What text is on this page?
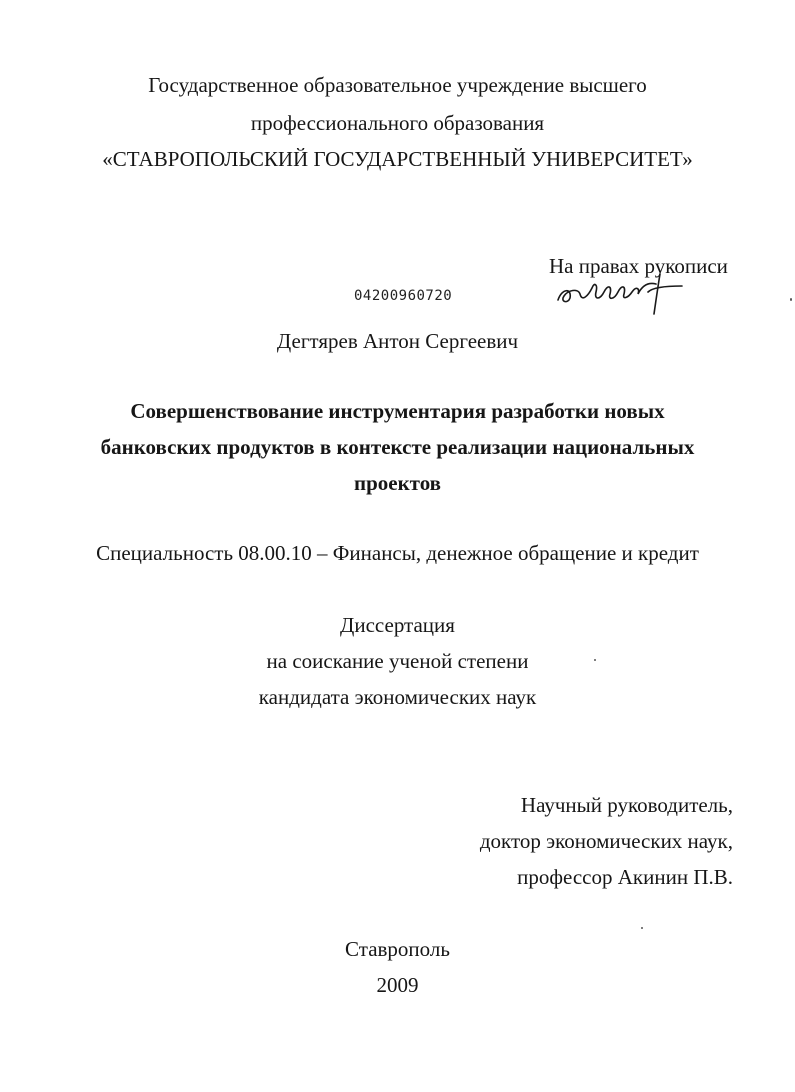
Государственное образовательное учреждение высшего
профессионального образования
«СТАВРОПОЛЬСКИЙ ГОСУДАРСТВЕННЫЙ УНИВЕРСИТЕТ»
На правах рукописи
04200960720
Дегтярев Антон Сергеевич
Совершенствование инструментария разработки новых
банковских продуктов в контексте реализации национальных
проектов
Специальность 08.00.10 – Финансы, денежное обращение и кредит
Диссертация
на соискание ученой степени
кандидата экономических наук
Научный руководитель,
доктор экономических наук,
профессор Акинин П.В.
Ставрополь
2009
